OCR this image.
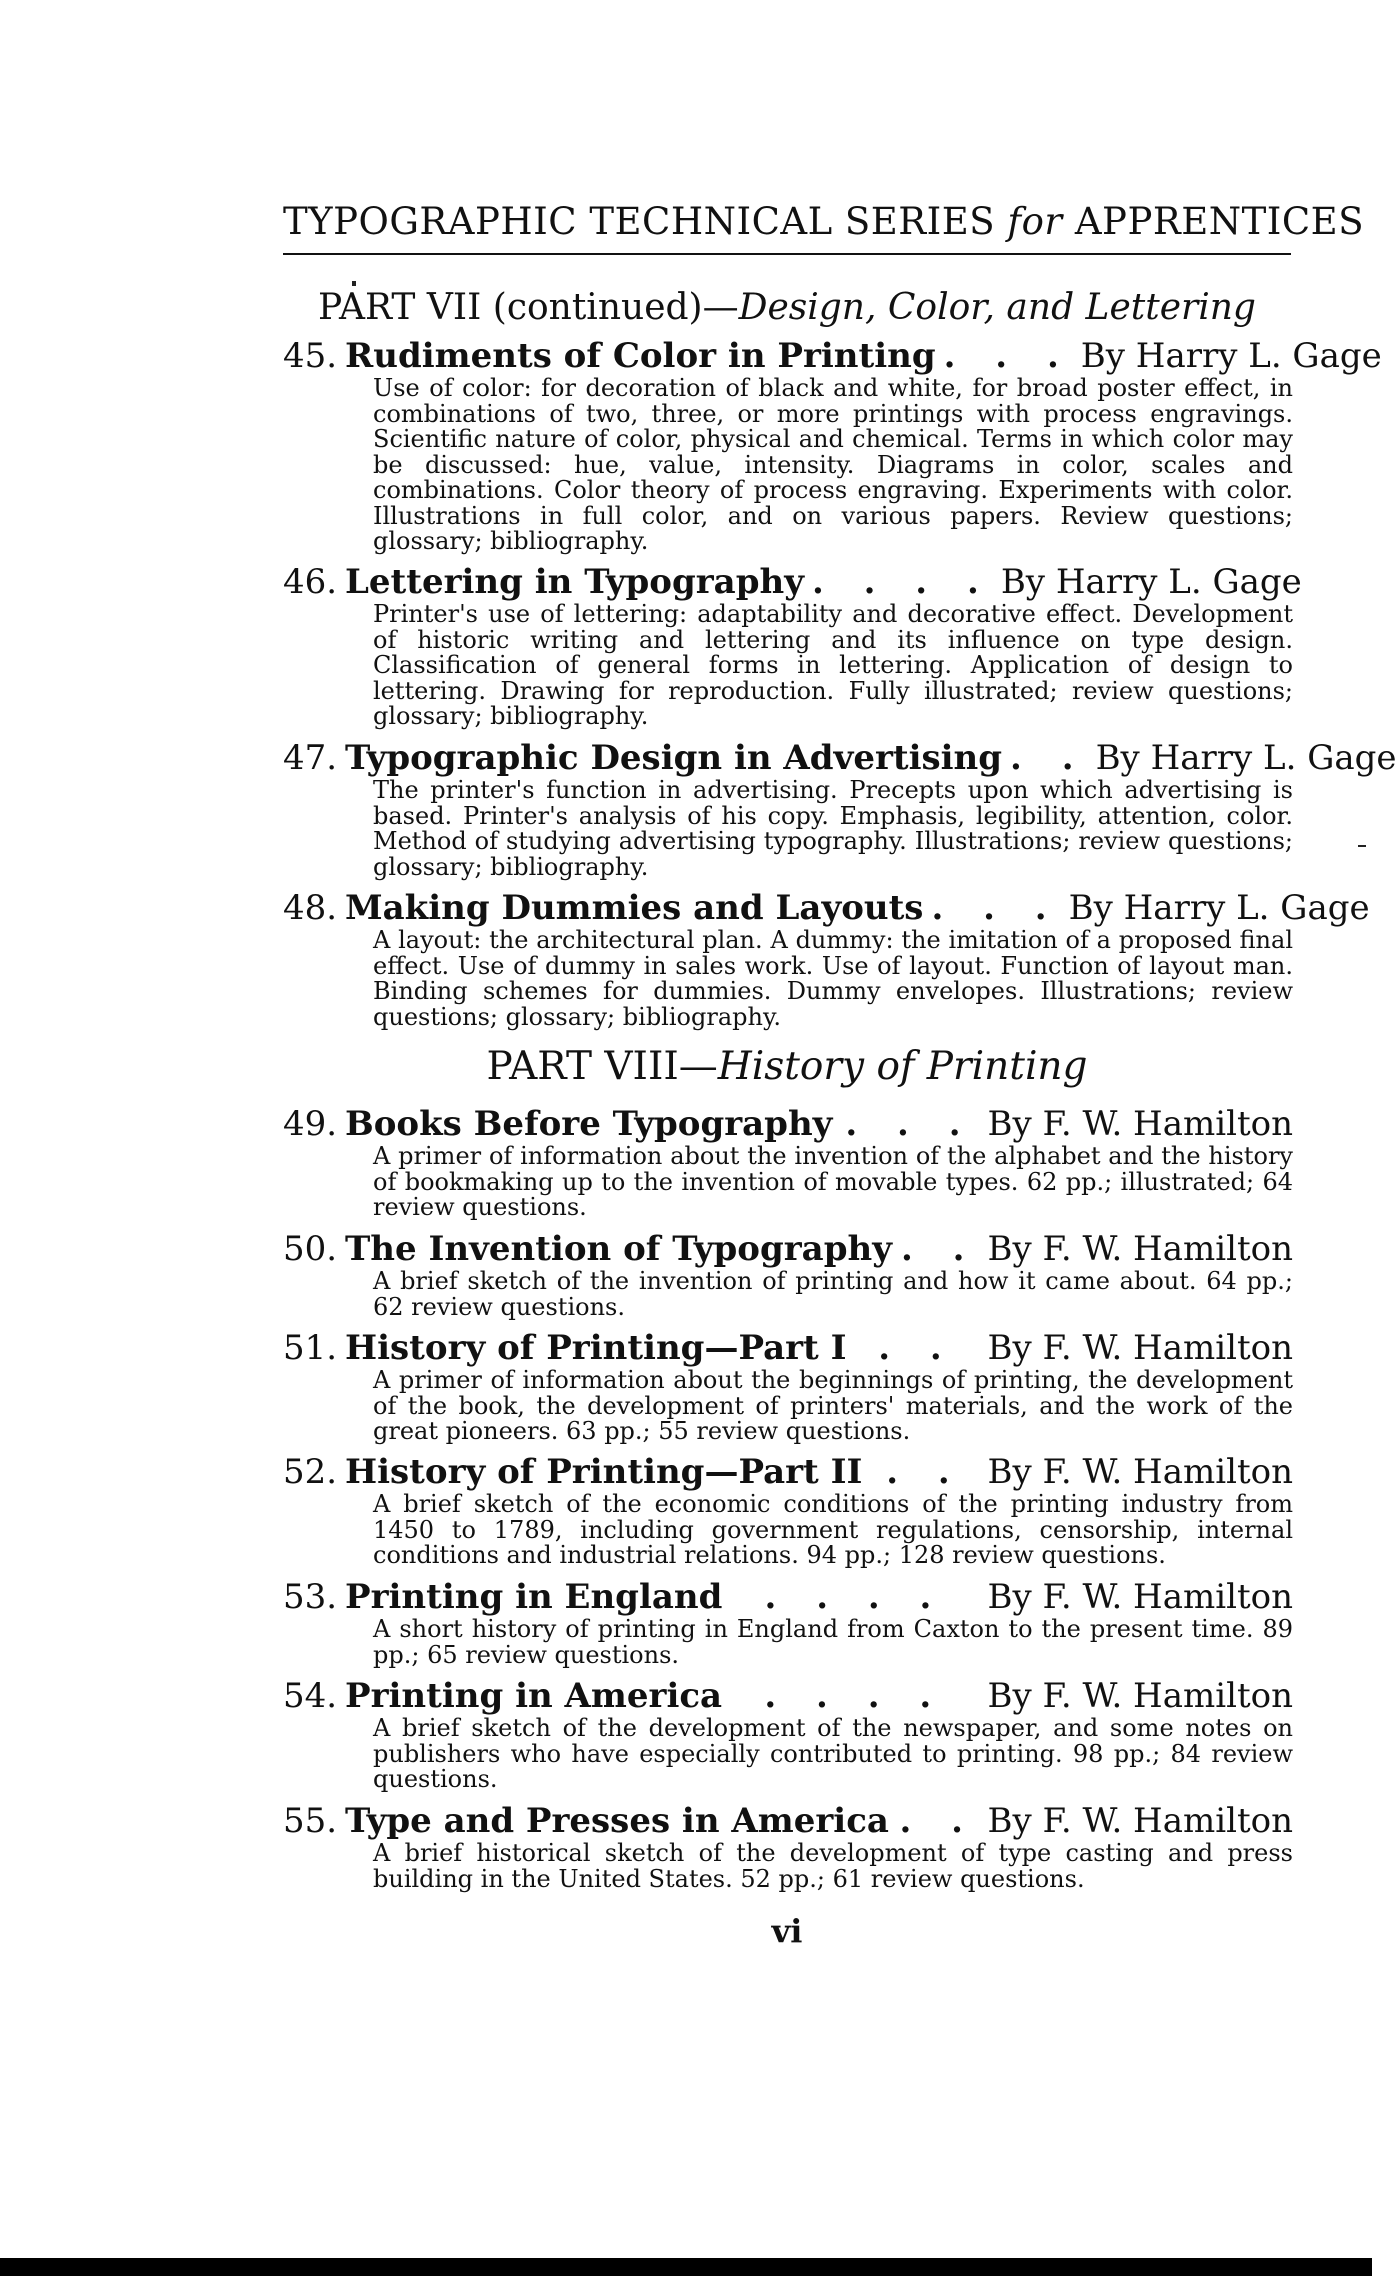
TYPOGRAPHIC TECHNICAL SERIES for APPRENTICES
PART VII (continued)—Design, Color, and Lettering
45. Rudiments of Color in Printing . . . By Harry L. Gage
Use of color: for decoration of black and white, for broad poster effect, in combinations of two, three, or more printings with process engravings. Scientific nature of color, physical and chemical. Terms in which color may be discussed: hue, value, intensity. Diagrams in color, scales and combinations. Color theory of process engraving. Experiments with color. Illustrations in full color, and on various papers. Review questions; glossary; bibliography.
46. Lettering in Typography . . . . By Harry L. Gage
Printer's use of lettering: adaptability and decorative effect. Development of historic writing and lettering and its influence on type design. Classification of general forms in lettering. Application of design to lettering. Drawing for reproduction. Fully illustrated; review questions; glossary; bibliography.
47. Typographic Design in Advertising . . By Harry L. Gage
The printer's function in advertising. Precepts upon which advertising is based. Printer's analysis of his copy. Emphasis, legibility, attention, color. Method of studying advertising typography. Illustrations; review questions; glossary; bibliography.
48. Making Dummies and Layouts . . . By Harry L. Gage
A layout: the architectural plan. A dummy: the imitation of a proposed final effect. Use of dummy in sales work. Use of layout. Function of layout man. Binding schemes for dummies. Dummy envelopes. Illustrations; review questions; glossary; bibliography.
PART VIII—History of Printing
49. Books Before Typography . . . By F. W. Hamilton
A primer of information about the invention of the alphabet and the history of bookmaking up to the invention of movable types. 62 pp.; illustrated; 64 review questions.
50. The Invention of Typography . . By F. W. Hamilton
A brief sketch of the invention of printing and how it came about. 64 pp.; 62 review questions.
51. History of Printing—Part I . . By F. W. Hamilton
A primer of information about the beginnings of printing, the development of the book, the development of printers' materials, and the work of the great pioneers. 63 pp.; 55 review questions.
52. History of Printing—Part II . . By F. W. Hamilton
A brief sketch of the economic conditions of the printing industry from 1450 to 1789, including government regulations, censorship, internal conditions and industrial relations. 94 pp.; 128 review questions.
53. Printing in England	. . . .	By F. W. Hamilton
A short history of printing in England from Caxton to the present time. 89 pp.; 65 review questions.
54. Printing in America	. . . .	By F. W. Hamilton
A brief sketch of the development of the newspaper, and some notes on publishers who have especially contributed to printing. 98 pp.; 84 review questions.
55. Type and Presses in America . . By F. W. Hamilton
A brief historical sketch of the development of type casting and press building in the United States. 52 pp.; 61 review questions.
vi
